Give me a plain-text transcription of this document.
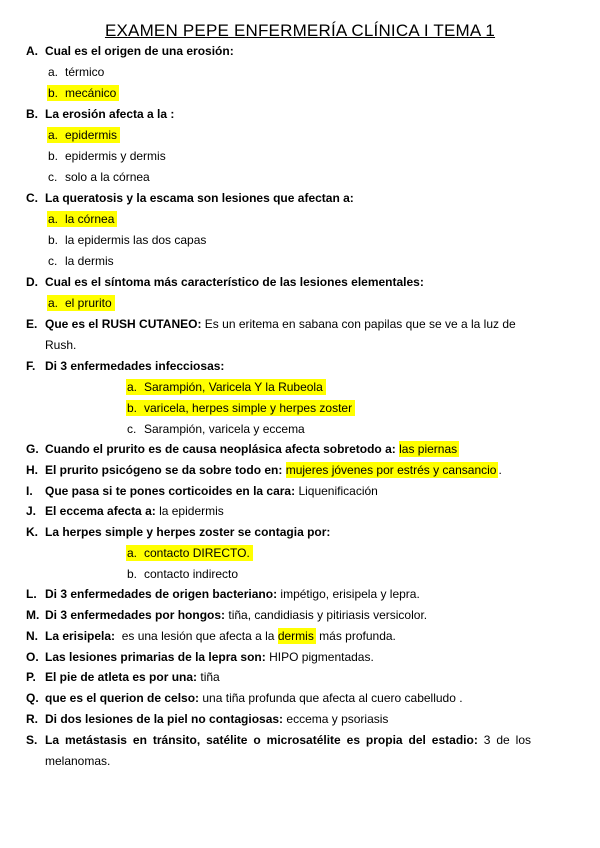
EXAMEN PEPE ENFERMERÍA CLÍNICA I TEMA 1
A. Cual es el origen de una erosión:
a. térmico
b. mecánico
B. La erosión afecta a la :
a. epidermis
b. epidermis y dermis
c. solo a la córnea
C. La queratosis y la escama son lesiones que afectan a:
a. la córnea
b. la epidermis las dos capas
c. la dermis
D. Cual es el síntoma más característico de las lesiones elementales:
a. el prurito
E. Que es el RUSH CUTANEO: Es un eritema en sabana con papilas que se ve a la luz de
Rush.
F. Di 3 enfermedades infecciosas:
a. Sarampión, Varicela Y la Rubeola
b. varicela, herpes simple y herpes zoster
c. Sarampión, varicela y eccema
G. Cuando el prurito es de causa neoplásica afecta sobretodo a: las piernas
H. El prurito psicógeno se da sobre todo en: mujeres jóvenes por estrés y cansancio .
I. Que pasa si te pones corticoides en la cara: Liquenificación
J. El eccema afecta a: la epidermis
K. La herpes simple y herpes zoster se contagia por:
a. contacto DIRECTO.
b. contacto indirecto
L. Di 3 enfermedades de origen bacteriano: impétigo, erisipela y lepra.
M. Di 3 enfermedades por hongos: tiña, candidiasis y pitiriasis versicolor.
N. La erisipela:  es una lesión que afecta a la dermis más profunda.
O. Las lesiones primarias de la lepra son: HIPO pigmentadas.
P. El pie de atleta es por una: tiña
Q. que es el querion de celso: una tiña profunda que afecta al cuero cabelludo .
R. Di dos lesiones de la piel no contagiosas: eccema y psoriasis
S. La metástasis en tránsito, satélite o microsatélite es propia del estadio: 3 de los
melanomas.
